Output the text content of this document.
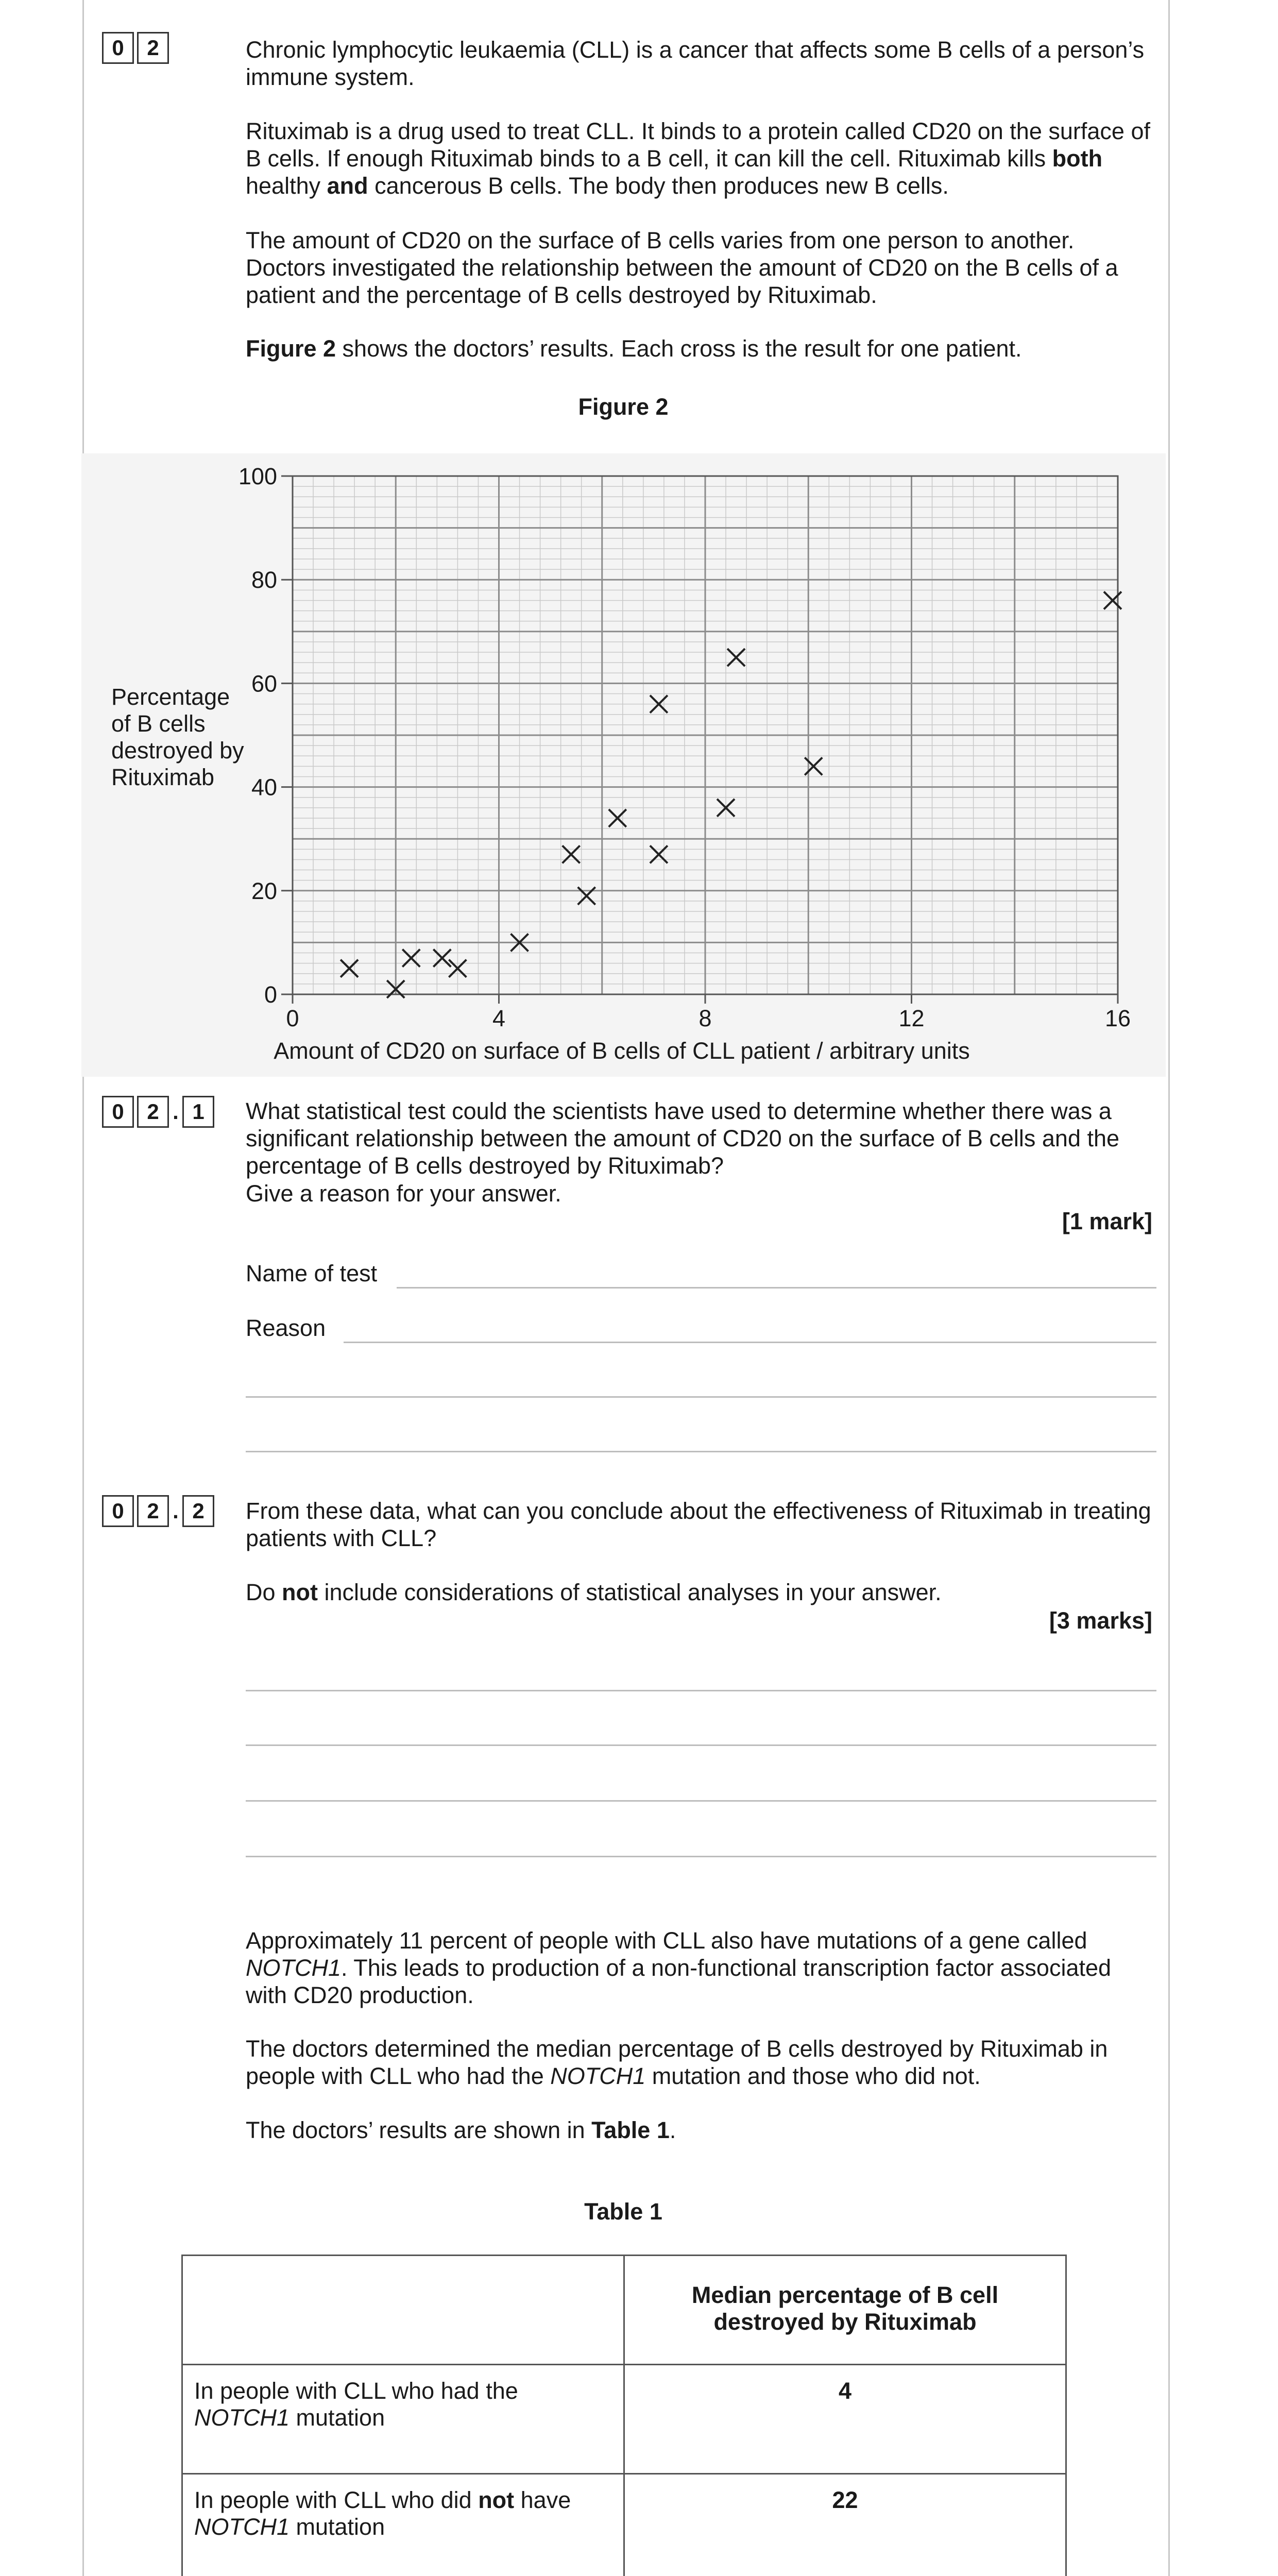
0	2	Chronic lymphocytic leukaemia (CLL) is a cancer that affects some B cells of a person’s immune system.

Rituximab is a drug used to treat CLL. It binds to a protein called CD20 on the surface of B cells. If enough Rituximab binds to a B cell, it can kill the cell. Rituximab kills both healthy and cancerous B cells. The body then produces new B cells.

The amount of CD20 on the surface of B cells varies from one person to another. Doctors investigated the relationship between the amount of CD20 on the B cells of a patient and the percentage of B cells destroyed by Rituximab.

Figure 2 shows the doctors’ results. Each cross is the result for one patient.

Figure 2
0
20
40
60
80
100
0	4	8	12	16
Percentage of B cells destroyed by Rituximab
Amount of CD20 on surface of B cells of CLL patient / arbitrary units
0	2 . 1	What statistical test could the scientists have used to determine whether there was a significant relationship between the amount of CD20 on the surface of B cells and the percentage of B cells destroyed by Rituximab?

Give a reason for your answer.

[1 mark]
Name of test
Reason
0	2 . 2	From these data, what can you conclude about the effectiveness of Rituximab in treating patients with CLL?

Do not include considerations of statistical analyses in your answer.

[3 marks]

Approximately 11 percent of people with CLL also have mutations of a gene called NOTCH1. This leads to production of a non-functional transcription factor associated with CD20 production.

The doctors determined the median percentage of B cells destroyed by Rituximab in people with CLL who had the NOTCH1 mutation and those who did not.

The doctors’ results are shown in Table 1.

Table 1
	Median percentage of B cell destroyed by Rituximab
In people with CLL who had the NOTCH1 mutation	4
In people with CLL who did not have NOTCH1 mutation	22
